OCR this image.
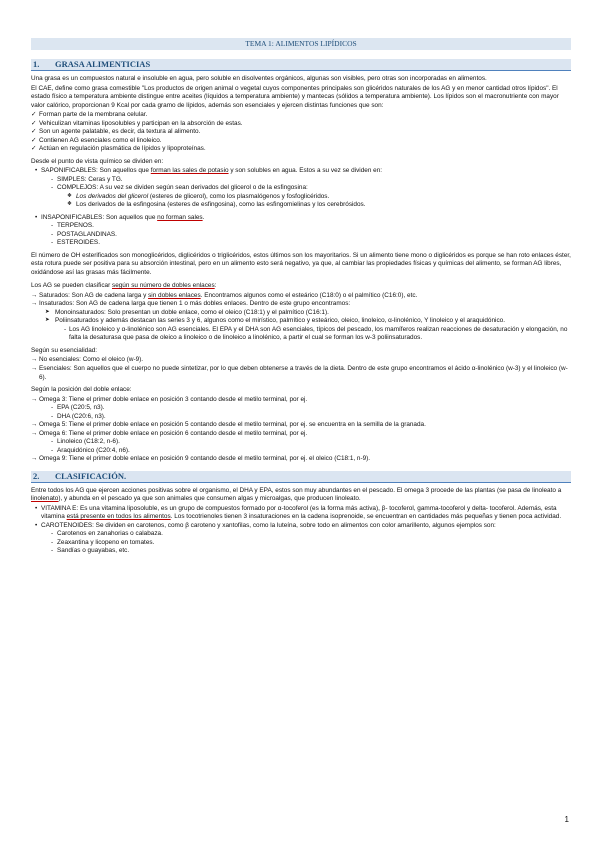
TEMA 1: ALIMENTOS LIPÍDICOS
1. GRASA ALIMENTICIAS

Una grasa es un compuestos natural e insoluble en agua, pero soluble en disolventes orgánicos, algunas son visibles, pero otras son incorporadas en alimentos.

El CAE, define como grasa comestible "Los productos de origen animal o vegetal cuyos componentes principales son glicéridos naturales de los AG y en menor cantidad otros lípidos". El estado físico a temperatura ambiente distingue entre aceites (líquidos a temperatura ambiente) y mantecas (sólidos a temperatura ambiente). Los lípidos son el macronutriente con mayor valor calórico, proporcionan 9 Kcal por cada gramo de lípidos, además son esenciales y ejercen distintas funciones que son:

✓ Forman parte de la membrana celular.
✓ Vehiculizan vitaminas liposolubles y participan en la absorción de estas.
✓ Son un agente palatable, es decir, da textura al alimento.
✓ Contienen AG esenciales como el linoleico.
✓ Actúan en regulación plasmática de lípidos y lipoproteínas.

Desde el punto de vista químico se dividen en:

• SAPONIFICABLES: Son aquellos que forman las sales de potasio y son solubles en agua. Estos a su vez se dividen en:
- SIMPLES: Ceras y TG.
- COMPLEJOS: A su vez se dividen según sean derivados del glicerol o de la esfingosina:
❖ Los derivados del glicerol (esteres de glicerol), como los plasmalógenos y fosfoglicéridos.
❖ Los derivados de la esfingosina (esteres de esfingosina), como las esfingomielinas y los cerebrósidos.
• INSAPONIFICABLES: Son aquellos que no forman sales.
- TERPENOS.
- POSTAGLANDINAS.
- ESTEROIDES.

El número de OH esterificados son monoglicéridos, diglicéridos o triglicéridos, estos últimos son los mayoritarios. Si un alimento tiene mono o diglicéridos es porque se han roto enlaces éster, esta rotura puede ser positiva para su absorción intestinal, pero en un alimento esto será negativo, ya que, al cambiar las propiedades físicas y químicas del alimento, se forman AG libres, oxidándose así las grasas más fácilmente.

Los AG se pueden clasificar según su número de dobles enlaces:

→ Saturados: Son AG de cadena larga y sin dobles enlaces. Encontramos algunos como el esteárico (C18:0) o el palmítico (C16:0), etc.
→ Insaturados: Son AG de cadena larga que tienen 1 o más dobles enlaces. Dentro de este grupo encontramos:
➤ Monoinsaturados: Solo presentan un doble enlace, como el oleico (C18:1) y el palmítico (C16:1).
➤ Poliinsaturados y además destacan las series 3 y 6, algunos como el mirístico, palmítico y esteárico, oleico, linoleico, α-linolénico, Y linoleico y el araquidónico.
- Los AG linoleico y α-linolénico son AG esenciales. El EPA y el DHA son AG esenciales, típicos del pescado, los mamíferos realizan reacciones de desaturación y elongación, no falta la desaturasa que pasa de oleico a linoleico o de linoleico a linolénico, a partir el cual se forman los w-3 poliinsaturados.

Según su esencialidad:

→ No esenciales: Como el oleico (w-9).
→ Esenciales: Son aquellos que el cuerpo no puede sintetizar, por lo que deben obtenerse a través de la dieta. Dentro de este grupo encontramos el ácido α-linolénico (w-3) y el linoleico (w-6).

Según la posición del doble enlace:

→ Omega 3: Tiene el primer doble enlace en posición 3 contando desde el metilo terminal, por ej.
- EPA (C20:5, n3).
- DHA (C20:6, n3).
→ Omega 5: Tiene el primer doble enlace en posición 5 contando desde el metilo terminal, por ej. se encuentra en la semilla de la granada.
→ Omega 6: Tiene el primer doble enlace en posición 6 contando desde el metilo terminal, por ej.
- Linoleico (C18:2, n-6).
- Araquidónico (C20:4, n6).
→ Omega 9: Tiene el primer doble enlace en posición 9 contando desde el metilo terminal, por ej. el oleico (C18:1, n-9).
2. CLASIFICACIÓN.

Entre todos los AG que ejercen acciones positivas sobre el organismo, el DHA y EPA, estos son muy abundantes en el pescado. El omega 3 procede de las plantas (se pasa de linoleato a linolenato), y abunda en el pescado ya que son animales que consumen algas y microalgas, que producen linoleato.

• VITAMINA E: Es una vitamina liposoluble, es un grupo de compuestos formado por α-tocoferol (es la forma más activa), β- tocoferol, gamma-tocoferol y delta- tocoferol. Además, esta vitamina está presente en todos los alimentos. Los tocotrienoles tienen 3 insaturaciones en la cadena isoprenoide, se encuentran en cantidades más pequeñas y tienen poca actividad.
• CAROTENOIDES: Se dividen en carotenos, como β caroteno y xantofilas, como la luteína, sobre todo en alimentos con color amarillento, algunos ejemplos son:
- Carotenos en zanahorias o calabaza.
- Zeaxantina y licopeno en tomates.
- Sandías o guayabas, etc.
1
